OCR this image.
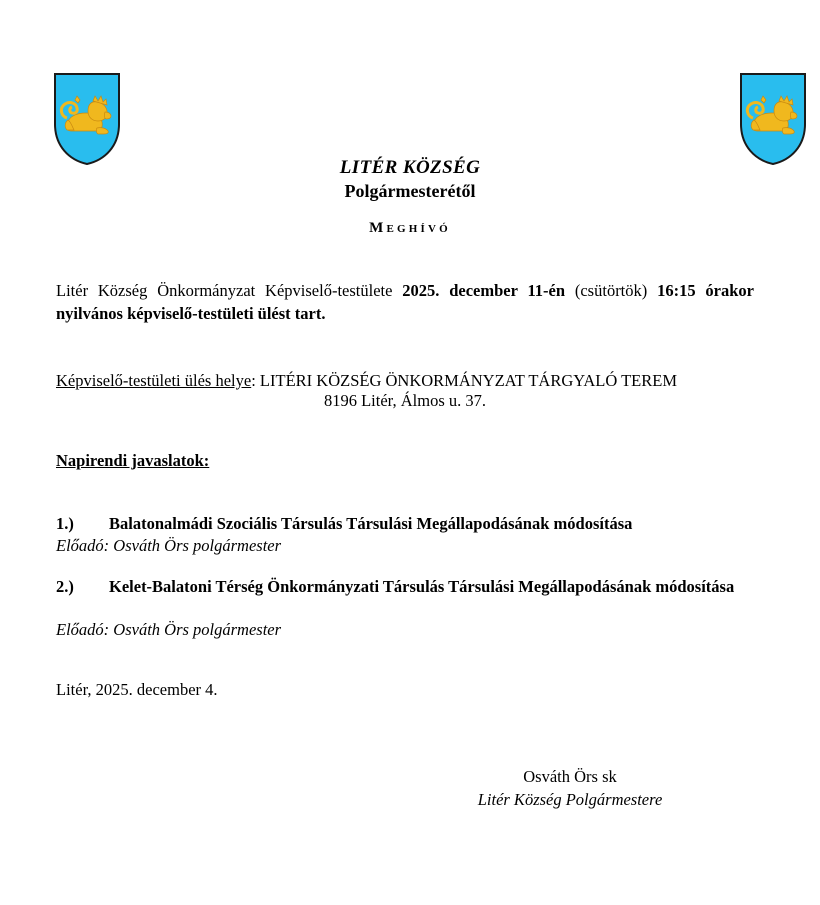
LITÉR KÖZSÉG
Polgármesterétől
Meghívó

Litér Község Önkormányzat Képviselő-testülete 2025. december 11-én (csütörtök) 16:15 órakor nyilvános képviselő-testületi ülést tart.

Képviselő-testületi ülés helye: LITÉRI KÖZSÉG ÖNKORMÁNYZAT TÁRGYALÓ TEREM

8196 Litér, Álmos u. 37.

Napirendi javaslatok:

1.) Balatonalmádi Szociális Társulás Társulási Megállapodásának módosítása

Előadó: Osváth Örs polgármester

2.) Kelet-Balatoni Térség Önkormányzati Társulás Társulási Megállapodásának módosítása

Előadó: Osváth Örs polgármester

Litér, 2025. december 4.

Osváth Örs sk
Litér Község Polgármestere
